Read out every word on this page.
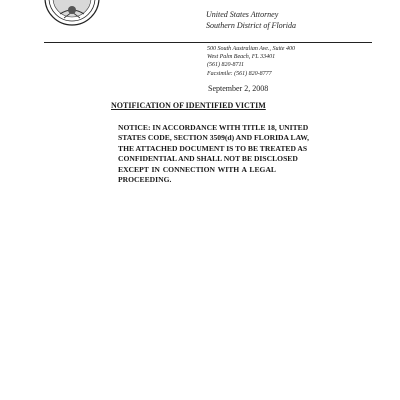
United States Attorney
Southern District of Florida
500 South Australian Ave., Suite 400
West Palm Beach, FL 33401
(561) 820-8711
Facsimile: (561) 820-8777
September 2, 2008
NOTIFICATION OF IDENTIFIED VICTIM
NOTICE: IN ACCORDANCE WITH TITLE 18, UNITED
STATES CODE, SECTION 3509(d) AND FLORIDA LAW,
THE ATTACHED DOCUMENT IS TO BE TREATED AS
CONFIDENTIAL AND SHALL NOT BE DISCLOSED
EXCEPT IN CONNECTION WITH A LEGAL
PROCEEDING.
